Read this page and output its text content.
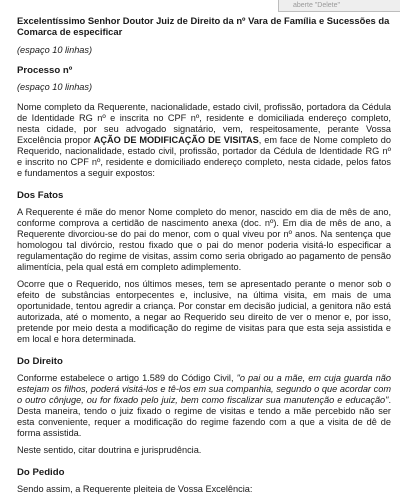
aberte "Delete"
Excelentíssimo Senhor Doutor Juiz de Direito da nº Vara de Família e Sucessões da Comarca de especificar
(espaço 10 linhas)
Processo nº
(espaço 10 linhas)
Nome completo da Requerente, nacionalidade, estado civil, profissão, portadora da Cédula de Identidade RG nº e inscrita no CPF nº, residente e domiciliada endereço completo, nesta cidade, por seu advogado signatário, vem, respeitosamente, perante Vossa Excelência propor AÇÃO DE MODIFICAÇÃO DE VISITAS, em face de Nome completo do Requerido, nacionalidade, estado civil, profissão, portador da Cédula de Identidade RG nº e inscrito no CPF nº, residente e domiciliado endereço completo, nesta cidade, pelos fatos e fundamentos a seguir expostos:
Dos Fatos
A Requerente é mãe do menor Nome completo do menor, nascido em dia de mês de ano, conforme comprova a certidão de nascimento anexa (doc. nº). Em dia de mês de ano, a Requerente divorciou-se do pai do menor, com o qual viveu por nº anos. Na sentença que homologou tal divórcio, restou fixado que o pai do menor poderia visitá-lo especificar a regulamentação do regime de visitas, assim como seria obrigado ao pagamento de pensão alimentícia, pela qual está em completo adimplemento.
Ocorre que o Requerido, nos últimos meses, tem se apresentado perante o menor sob o efeito de substâncias entorpecentes e, inclusive, na última visita, em mais de uma oportunidade, tentou agredir a criança. Por constar em decisão judicial, a genitora não está autorizada, até o momento, a negar ao Requerido seu direito de ver o menor e, por isso, pretende por meio desta a modificação do regime de visitas para que esta seja assistida e em local e hora determinada.
Do Direito
Conforme estabelece o artigo 1.589 do Código Civil, "o pai ou a mãe, em cuja guarda não estejam os filhos, poderá visitá-los e tê-los em sua companhia, segundo o que acordar com o outro cônjuge, ou for fixado pelo juiz, bem como fiscalizar sua manutenção e educação". Desta maneira, tendo o juiz fixado o regime de visitas e tendo a mãe percebido não ser esta conveniente, requer a modificação do regime fazendo com a que a visita de dê de forma assistida.
Neste sentido, citar doutrina e jurisprudência.
Do Pedido
Sendo assim, a Requerente pleiteia de Vossa Excelência:
